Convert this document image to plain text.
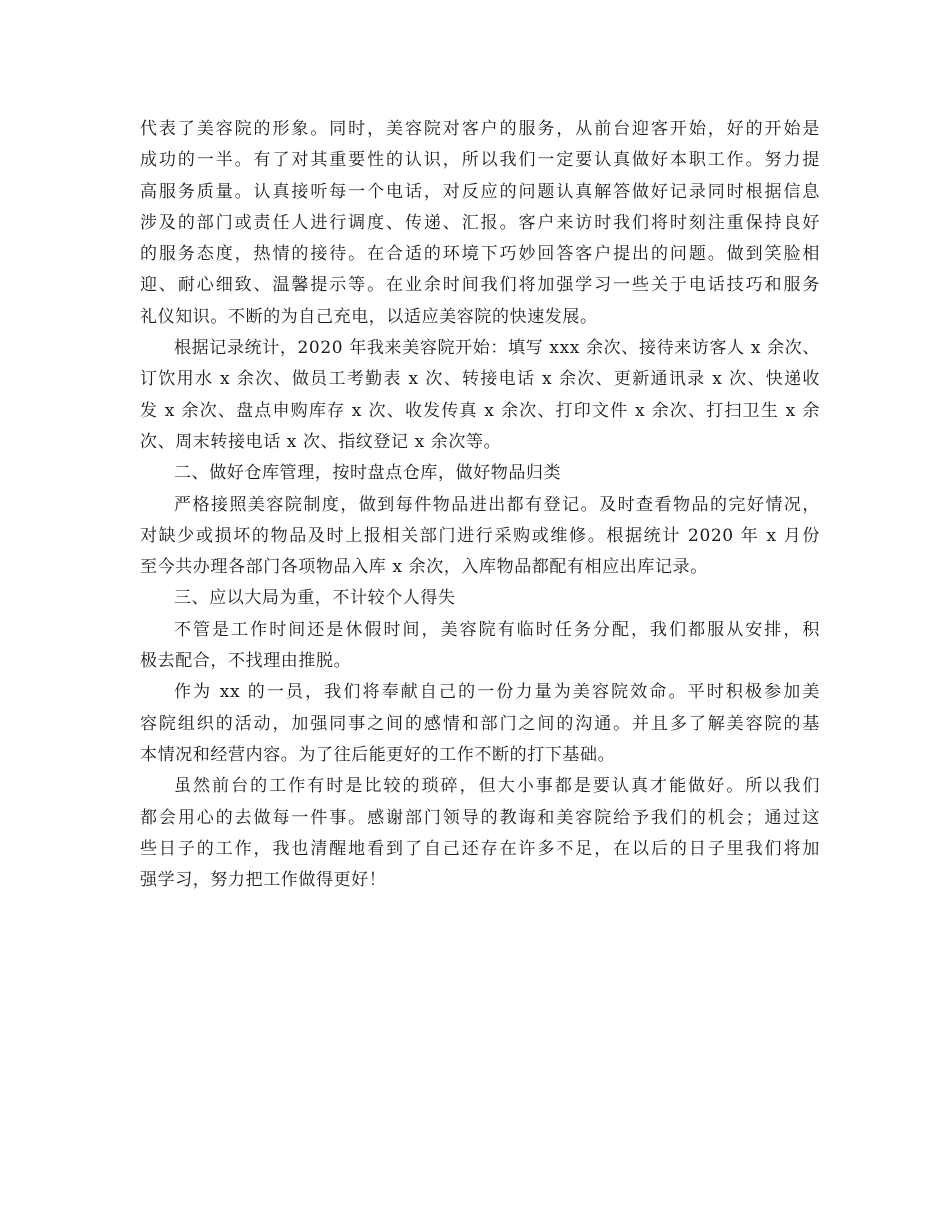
代表了美容院的形象。同时，美容院对客户的服务，从前台迎客开始，好的开始是
成功的一半。有了对其重要性的认识，所以我们一定要认真做好本职工作。努力提
高服务质量。认真接听每一个电话，对反应的问题认真解答做好记录同时根据信息
涉及的部门或责任人进行调度、传递、汇报。客户来访时我们将时刻注重保持良好
的服务态度，热情的接待。在合适的环境下巧妙回答客户提出的问题。做到笑脸相
迎、耐心细致、温馨提示等。在业余时间我们将加强学习一些关于电话技巧和服务
礼仪知识。不断的为自己充电，以适应美容院的快速发展。
根据记录统计，2020 年我来美容院开始：填写 xxx 余次、接待来访客人 x 余次、
订饮用水 x 余次、做员工考勤表 x 次、转接电话 x 余次、更新通讯录 x 次、快递收
发 x 余次、盘点申购库存 x 次、收发传真 x 余次、打印文件 x 余次、打扫卫生 x 余
次、周末转接电话 x 次、指纹登记 x 余次等。
二、做好仓库管理，按时盘点仓库，做好物品归类
严格接照美容院制度，做到每件物品进出都有登记。及时查看物品的完好情况，
对缺少或损坏的物品及时上报相关部门进行采购或维修。根据统计 2020 年 x 月份
至今共办理各部门各项物品入库 x 余次，入库物品都配有相应出库记录。
三、应以大局为重，不计较个人得失
不管是工作时间还是休假时间，美容院有临时任务分配，我们都服从安排，积
极去配合，不找理由推脱。
作为 xx 的一员，我们将奉献自己的一份力量为美容院效命。平时积极参加美
容院组织的活动，加强同事之间的感情和部门之间的沟通。并且多了解美容院的基
本情况和经营内容。为了往后能更好的工作不断的打下基础。
虽然前台的工作有时是比较的琐碎，但大小事都是要认真才能做好。所以我们
都会用心的去做每一件事。感谢部门领导的教诲和美容院给予我们的机会；通过这
些日子的工作，我也清醒地看到了自己还存在许多不足，在以后的日子里我们将加
强学习，努力把工作做得更好！
